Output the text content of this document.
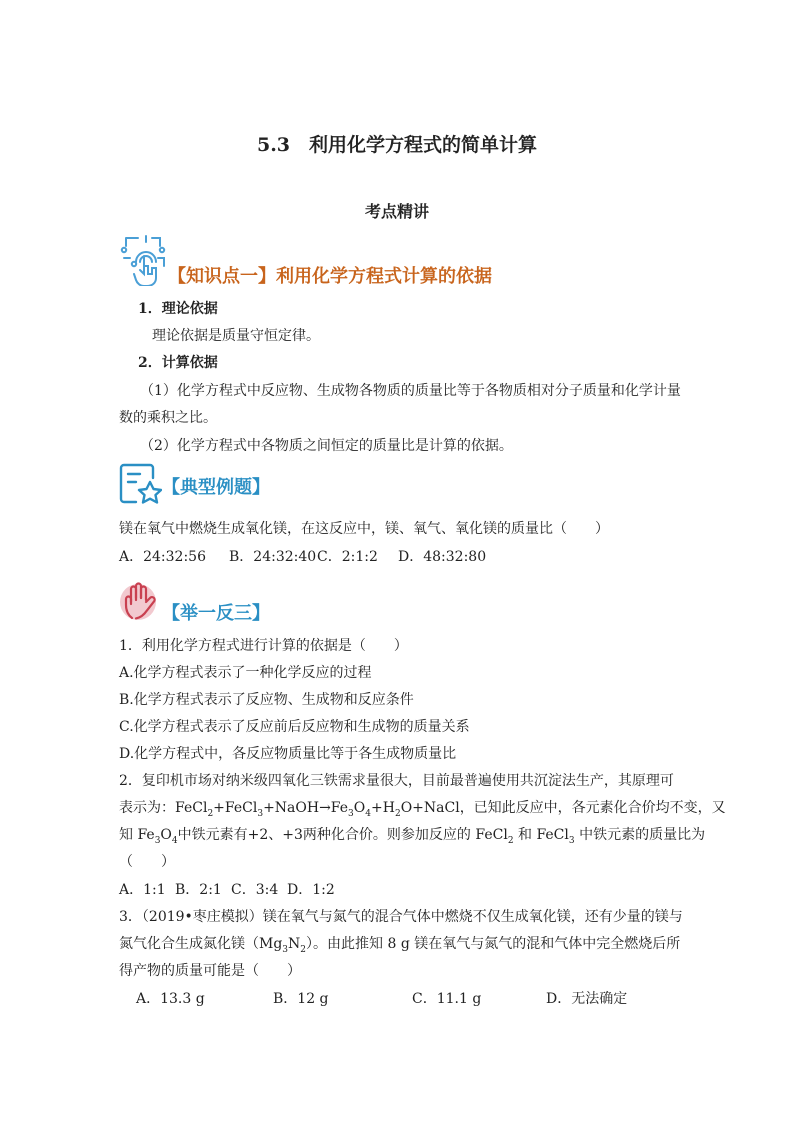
5.3　利用化学方程式的简单计算
考点精讲
【知识点一】利用化学方程式计算的依据
1．理论依据
理论依据是质量守恒定律。
2．计算依据
（1）化学方程式中反应物、生成物各物质的质量比等于各物质相对分子质量和化学计量
数的乘积之比。
（2）化学方程式中各物质之间恒定的质量比是计算的依据。
【典型例题】
镁在氧气中燃烧生成氧化镁，在这反应中，镁、氧气、氧化镁的质量比（　　）
A．24:32:56 B．24:32:40 C．2:1:2 D．48:32:80
【举一反三】
1．利用化学方程式进行计算的依据是（　　）
A.化学方程式表示了一种化学反应的过程
B.化学方程式表示了反应物、生成物和反应条件
C.化学方程式表示了反应前后反应物和生成物的质量关系
D.化学方程式中，各反应物质量比等于各生成物质量比
2．复印机市场对纳米级四氧化三铁需求量很大，目前最普遍使用共沉淀法生产，其原理可
表示为：$FeCl_2+FeCl_3+NaOH\to Fe_3O_4+H_2O+NaCl$，已知此反应中，各元素化合价均不变，又
知 $Fe_3O_4$中铁元素有+2、+3两种化合价。则参加反应的 FeCl$_2$ 和 FeCl$_3$ 中铁元素的质量比为
（　　）
A．1:1 B．2:1 C．3:4 D．1:2
3．（2019•枣庄模拟）镁在氧气与氮气的混合气体中燃烧不仅生成氧化镁，还有少量的镁与
氮气化合生成氮化镁$(Mg_3N_2)$。由此推知 8 g 镁在氧气与氮气的混和气体中完全燃烧后所
得产物的质量可能是（　　）
A．13.3 g	B．12 g	C．11.1 g	D．无法确定
